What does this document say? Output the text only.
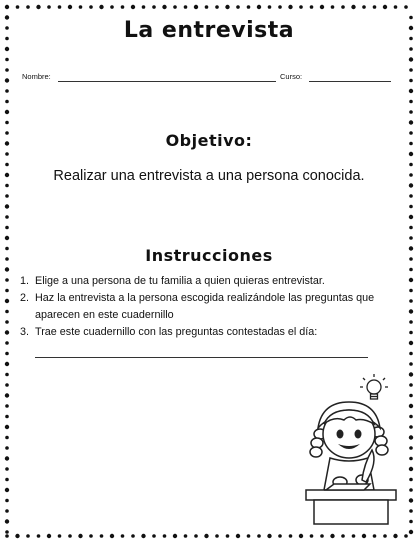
La entrevista
Nombre:	Curso:
Objetivo:
Realizar una entrevista a una persona conocida.
Instrucciones
1. Elige a una persona de tu familia a quien quieras entrevistar.
2. Haz la entrevista a la persona escogida realizándole las preguntas que aparecen en este cuadernillo
3. Trae este cuadernillo con las preguntas contestadas el día:
